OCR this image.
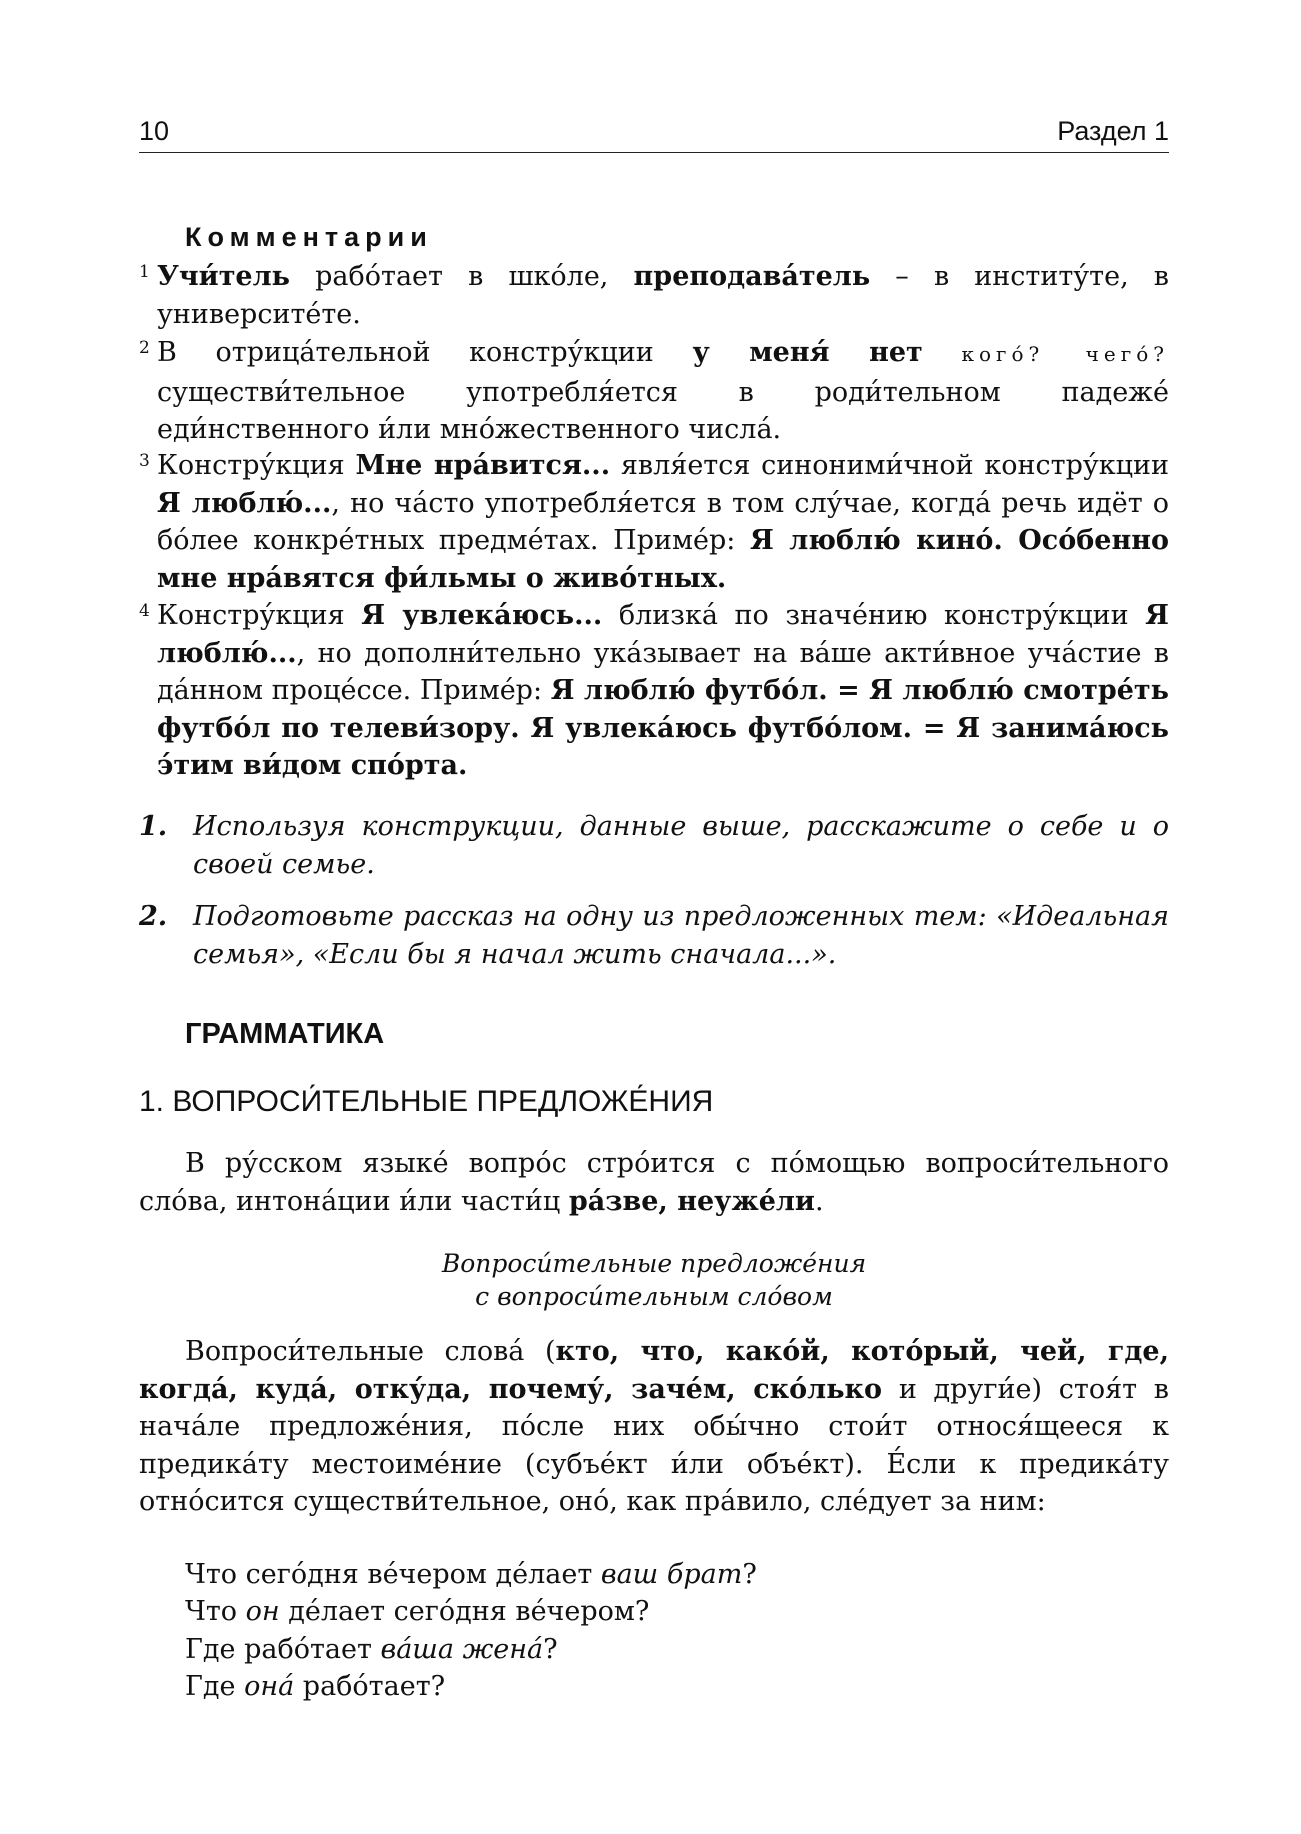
10	Раздел 1
Комментарии
1 Учи́тель рабо́тает в шко́ле, преподава́тель – в институ́те, в университе́те.
2 В отрица́тельной констру́кции у меня́ нет кого́? чего́? существи́тельное употребля́ется в роди́тельном падеже́ еди́нственного и́ли мно́жественного числа́.
3 Констру́кция Мне нра́вится... явля́ется синоними́чной констру́кции Я люблю́..., но ча́сто употребля́ется в том слу́чае, когда́ речь идёт о бо́лее конкре́тных предме́тах. Приме́р: Я люблю́ кино́. Осо́бенно мне нра́вятся фи́льмы о живо́тных.
4 Констру́кция Я увлека́юсь... близка́ по значе́нию констру́кции Я люблю́..., но дополни́тельно ука́зывает на ва́ше акти́вное уча́стие в да́нном проце́ссе. Приме́р: Я люблю́ футбо́л. = Я люблю́ смотре́ть футбо́л по телеви́зору. Я увлека́юсь футбо́лом. = Я занима́юсь э́тим ви́дом спо́рта.
1. Используя конструкции, данные выше, расскажите о себе и о своей семье.
2. Подготовьте рассказ на одну из предложенных тем: «Идеальная семья», «Если бы я начал жить сначала...».
ГРАММАТИКА
1. ВОПРОСИ́ТЕЛЬНЫЕ ПРЕДЛОЖЕ́НИЯ
В ру́сском языке́ вопро́с стро́ится с по́мощью вопроси́тельного сло́ва, интона́ции и́ли части́ц ра́зве, неуже́ли.
Вопроси́тельные предложе́ния
с вопроси́тельным сло́вом
Вопроси́тельные слова́ (кто, что, како́й, кото́рый, чей, где, когда́, куда́, отку́да, почему́, заче́м, ско́лько и други́е) стоя́т в нача́ле предложе́ния, по́сле них обы́чно стои́т относя́щееся к предика́ту местоиме́ние (субъе́кт и́ли объе́кт). Е́сли к предика́ту отно́сится существи́тельное, оно́, как пра́вило, сле́дует за ним:
Что сего́дня ве́чером де́лает ваш брат?
Что он де́лает сего́дня ве́чером?
Где рабо́тает ва́ша жена́?
Где она́ рабо́тает?
